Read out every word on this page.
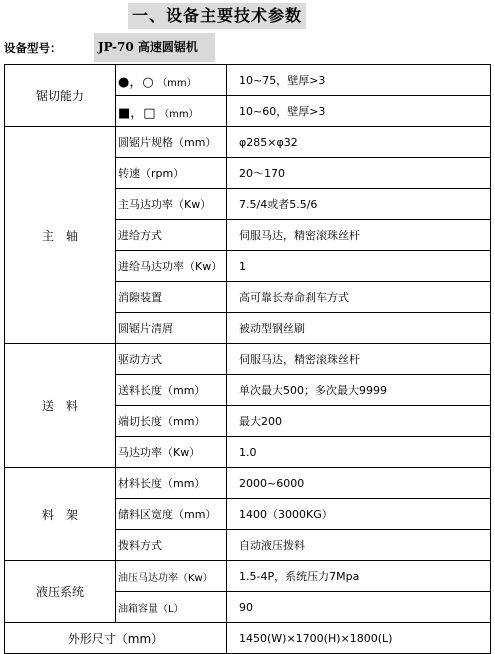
一、设备主要技术参数
设备型号：	JP-70 高速圆锯机
锯切能力	●，○ （mm）	10~75，壁厚>3
	■，□ （mm）	10~60，壁厚>3
主　轴	圆锯片规格（mm）	φ285×φ32
	转速（rpm）	20～170
	主马达功率（Kw）	7.5/4或者5.5/6
	进给方式	伺服马达，精密滚珠丝杆
	进给马达功率（Kw）	1
	消隙装置	高可靠长寿命刹车方式
	圆锯片清屑	被动型钢丝刷
送　料	驱动方式	伺服马达，精密滚珠丝杆
	送料长度（mm）	单次最大500；多次最大9999
	端切长度（mm）	最大200
	马达功率（Kw）	1.0
料　架	材料长度（mm）	2000~6000
	储料区宽度（mm）	1400（3000KG）
	拨料方式	自动液压拨料
液压系统	油压马达功率（Kw）	1.5-4P，系统压力7Mpa
	油箱容量（L）	90
外形尺寸（mm）		1450(W)×1700(H)×1800(L)
